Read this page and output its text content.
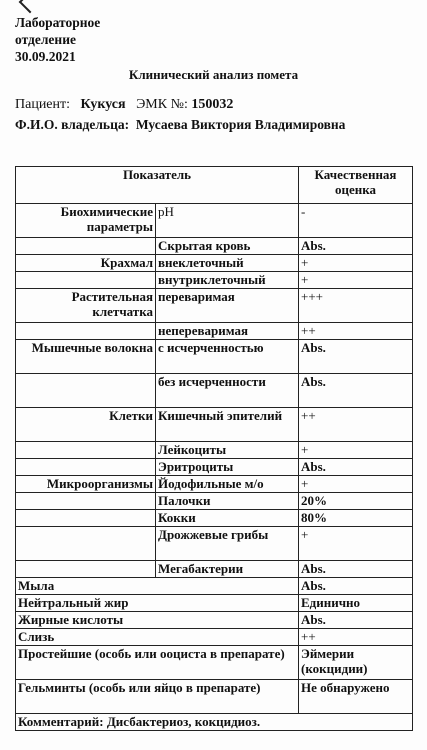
Лабораторное
отделение
30.09.2021
Клинический анализ помета
Пациент: Кукуся ЭМК №: 150032
Ф.И.О. владельца: Мусаева Виктория Владимировна
Показатель		Качественная оценка
Биохимические параметры	pH	-
	Скрытая кровь	Abs.
Крахмал	внеклеточный	+
	внутриклеточный	+
Растительная клетчатка	переваримая	+++
	непереваримая	++
Мышечные волокна	с исчерченностью	Abs.
	без исчерченности	Abs.
Клетки	Кишечный эпителий	++
	Лейкоциты	+
	Эритроциты	Abs.
Микроорганизмы	Йодофильные м/о	+
	Палочки	20%
	Кокки	80%
	Дрожжевые грибы	+
	Мегабактерии	Abs.
Мыла		Abs.
Нейтральный жир		Единично
Жирные кислоты		Abs.
Слизь		++
Простейшие (особь или ооциста в препарате)		Эймерии (кокцидии)
Гельминты (особь или яйцо в препарате)		Не обнаружено
Комментарий: Дисбактериоз, кокцидиоз.		
